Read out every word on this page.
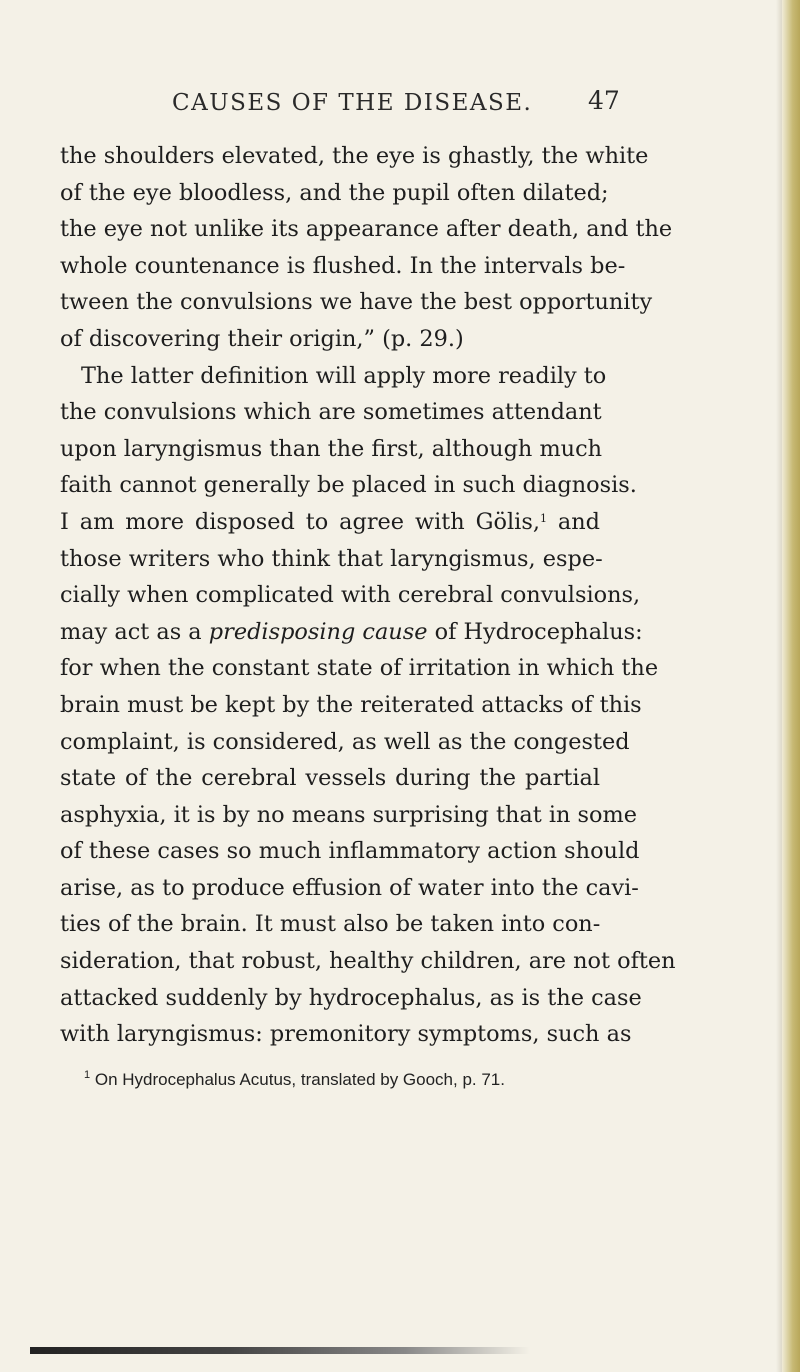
CAUSES OF THE DISEASE. 47
the shoulders elevated, the eye is ghastly, the white
of the eye bloodless, and the pupil often dilated;
the eye not unlike its appearance after death, and the
whole countenance is flushed. In the intervals be-
tween the convulsions we have the best opportunity
of discovering their origin,” (p. 29.)
The latter definition will apply more readily to
the convulsions which are sometimes attendant
upon laryngismus than the first, although much
faith cannot generally be placed in such diagnosis.
I am more disposed to agree with Gölis,$^1$ and
those writers who think that laryngismus, espe-
cially when complicated with cerebral convulsions,
may act as a predisposing cause of Hydrocephalus:
for when the constant state of irritation in which the
brain must be kept by the reiterated attacks of this
complaint, is considered, as well as the congested
state of the cerebral vessels during the partial
asphyxia, it is by no means surprising that in some
of these cases so much inflammatory action should
arise, as to produce effusion of water into the cavi-
ties of the brain. It must also be taken into con-
sideration, that robust, healthy children, are not often
attacked suddenly by hydrocephalus, as is the case
with laryngismus: premonitory symptoms, such as
$^1$ On Hydrocephalus Acutus, translated by Gooch, p. 71.
